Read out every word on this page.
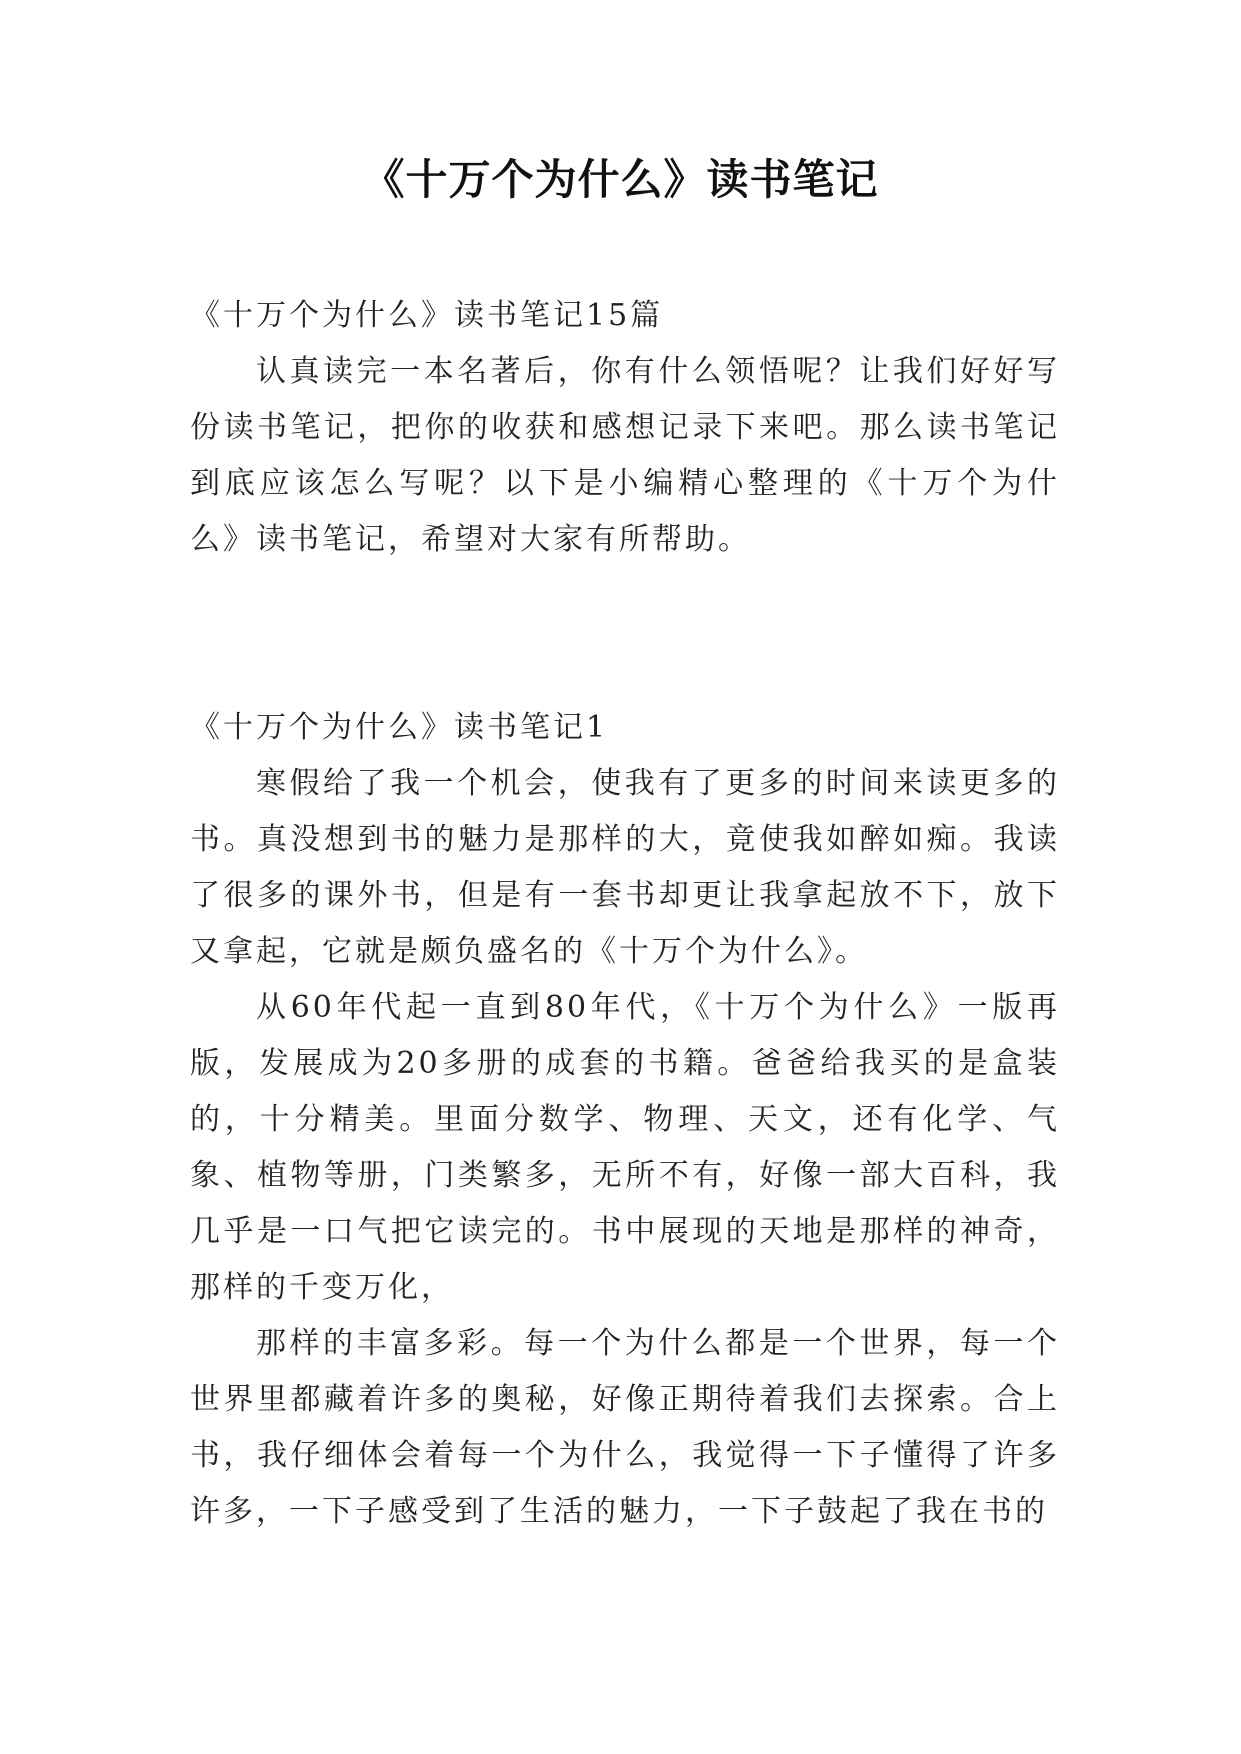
《十万个为什么》读书笔记

《十万个为什么》读书笔记15篇

认真读完一本名著后，你有什么领悟呢？让我们好好写份读书笔记，把你的收获和感想记录下来吧。那么读书笔记到底应该怎么写呢？以下是小编精心整理的《十万个为什么》读书笔记，希望对大家有所帮助。

《十万个为什么》读书笔记1

寒假给了我一个机会，使我有了更多的时间来读更多的书。真没想到书的魅力是那样的大，竟使我如醉如痴。我读了很多的课外书，但是有一套书却更让我拿起放不下，放下又拿起，它就是颇负盛名的《十万个为什么》。

从60年代起一直到80年代，《十万个为什么》一版再版，发展成为20多册的成套的书籍。爸爸给我买的是盒装的，十分精美。里面分数学、物理、天文，还有化学、气象、植物等册，门类繁多，无所不有，好像一部大百科，我几乎是一口气把它读完的。书中展现的天地是那样的神奇，那样的千变万化，

那样的丰富多彩。每一个为什么都是一个世界，每一个世界里都藏着许多的奥秘，好像正期待着我们去探索。合上书，我仔细体会着每一个为什么，我觉得一下子懂得了许多许多，一下子感受到了生活的魅力，一下子鼓起了我在书的
